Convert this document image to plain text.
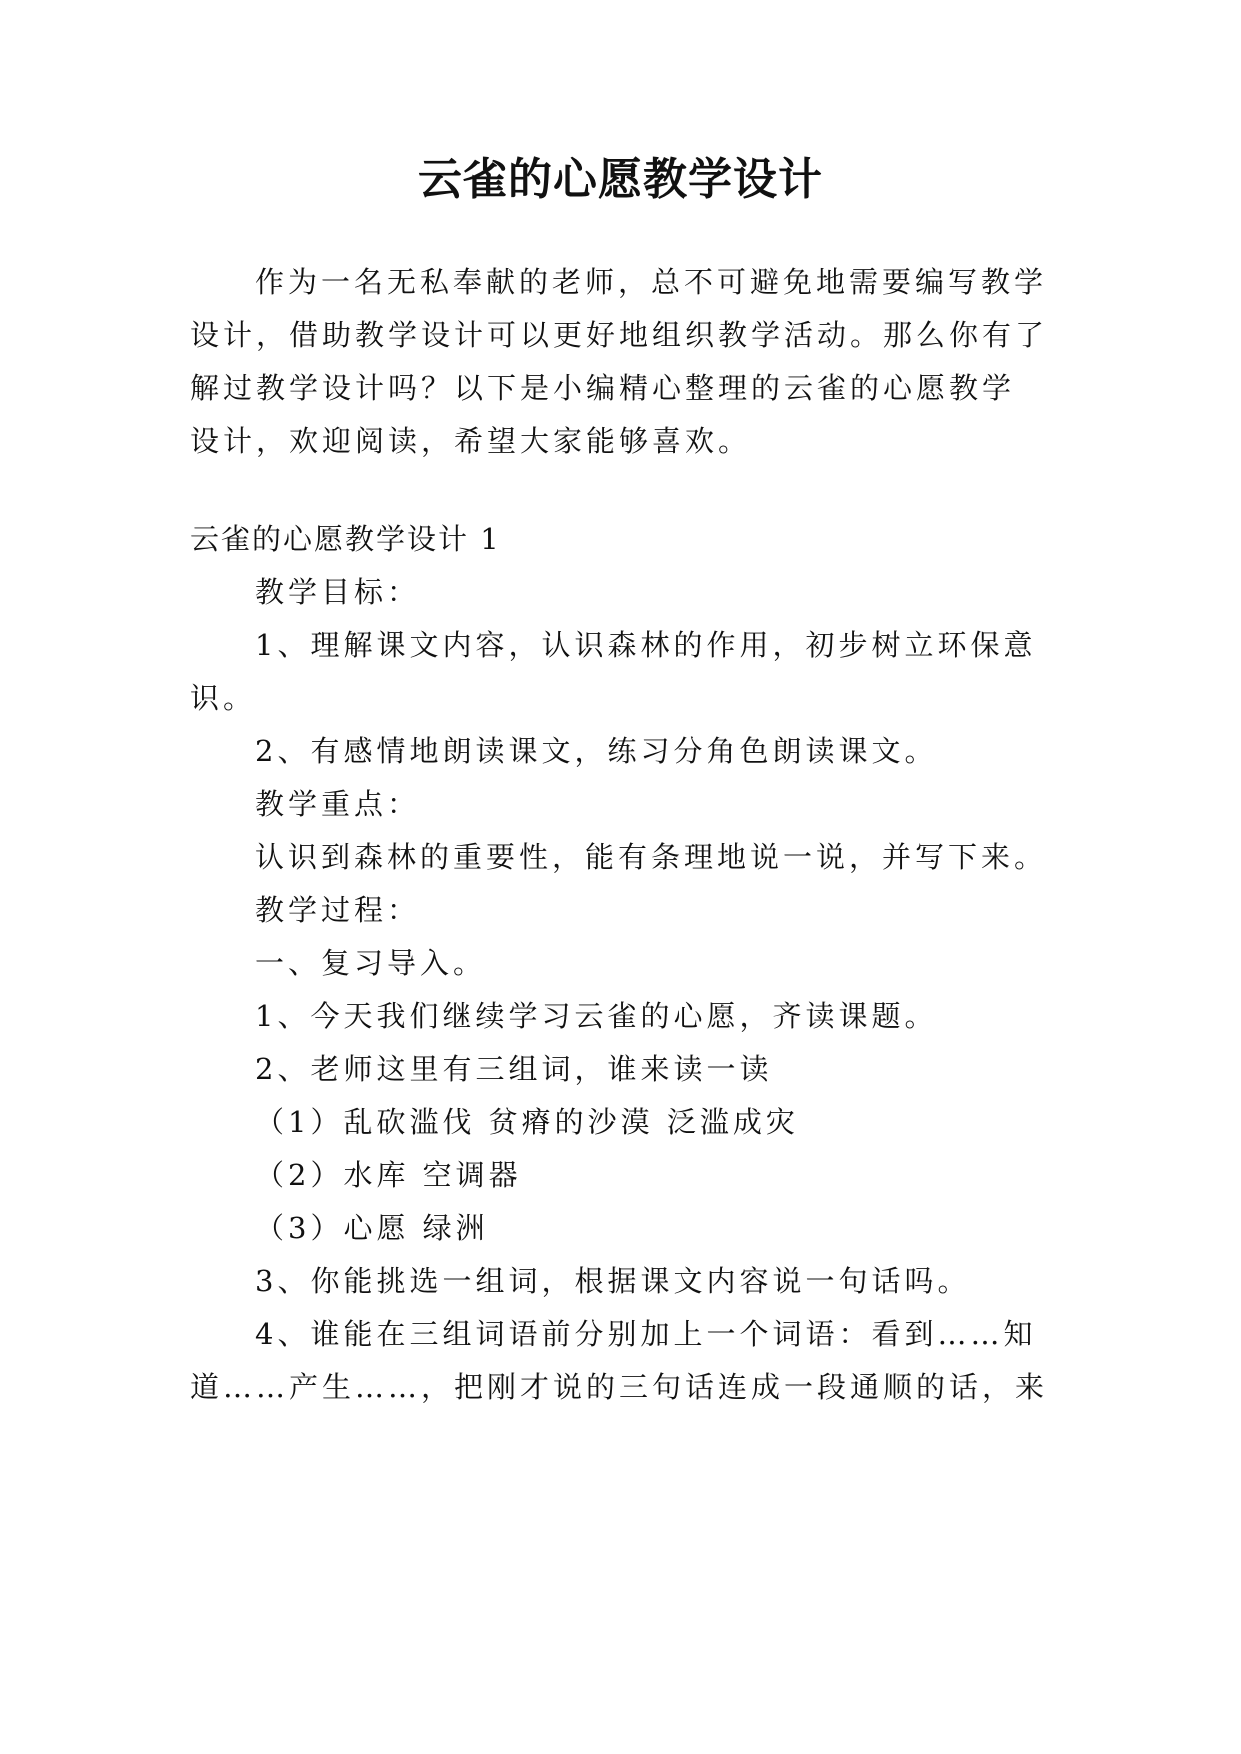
云雀的心愿教学设计
作为一名无私奉献的老师，总不可避免地需要编写教学
设计，借助教学设计可以更好地组织教学活动。那么你有了
解过教学设计吗？以下是小编精心整理的云雀的心愿教学
设计，欢迎阅读，希望大家能够喜欢。
云雀的心愿教学设计 1
教学目标：
1、理解课文内容，认识森林的作用，初步树立环保意
识。
2、有感情地朗读课文，练习分角色朗读课文。
教学重点：
认识到森林的重要性，能有条理地说一说，并写下来。
教学过程：
一、复习导入。
1、今天我们继续学习云雀的心愿，齐读课题。
2、老师这里有三组词，谁来读一读
（1）乱砍滥伐 贫瘠的沙漠 泛滥成灾
（2）水库 空调器
（3）心愿 绿洲
3、你能挑选一组词，根据课文内容说一句话吗。
4、谁能在三组词语前分别加上一个词语：看到……知
道……产生……，把刚才说的三句话连成一段通顺的话，来
